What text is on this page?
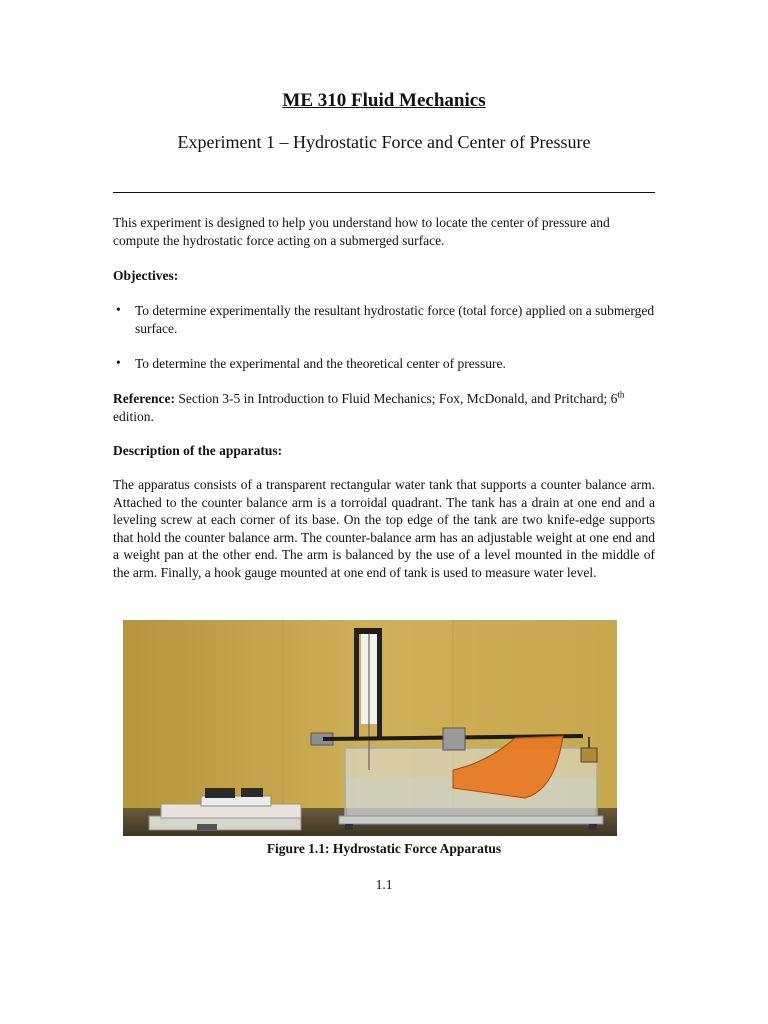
ME 310 Fluid Mechanics
Experiment 1 – Hydrostatic Force and Center of Pressure
This experiment is designed to help you understand how to locate the center of pressure and compute the hydrostatic force acting on a submerged surface.
Objectives:
• To determine experimentally the resultant hydrostatic force (total force) applied on a submerged surface.
• To determine the experimental and the theoretical center of pressure.
Reference: Section 3-5 in Introduction to Fluid Mechanics; Fox, McDonald, and Pritchard; 6th edition.
Description of the apparatus:
The apparatus consists of a transparent rectangular water tank that supports a counter balance arm. Attached to the counter balance arm is a torroidal quadrant. The tank has a drain at one end and a leveling screw at each corner of its base. On the top edge of the tank are two knife-edge supports that hold the counter balance arm. The counter-balance arm has an adjustable weight at one end and a weight pan at the other end. The arm is balanced by the use of a level mounted in the middle of the arm. Finally, a hook gauge mounted at one end of tank is used to measure water level.
Figure 1.1: Hydrostatic Force Apparatus
1.1
